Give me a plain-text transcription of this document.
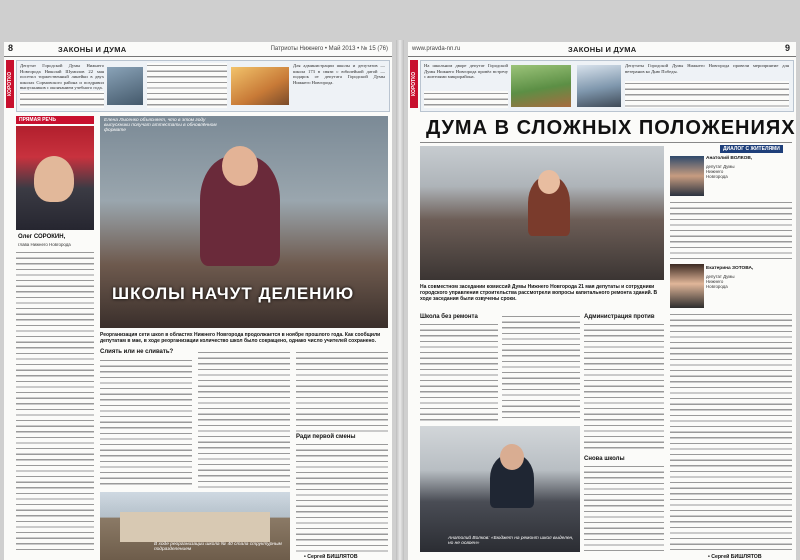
8	ЗАКОНЫ И ДУМА	Патриоты Нижнего • Май 2013 • № 15 (76)
КОРОТКО
Депутат Городской Думы Нижнего Новгорода Николай Шумилов 22 мая посетил торжественный линейки в двух школах Сормовского района и поздравил выпускников с окончанием учебного года.
Для администрации школы и депутатов — школа 173 в связи с юбилейной датой — подарок от депутата Городской Думы Нижнего Новгорода.
ПРЯМАЯ РЕЧЬ
Олег СОРОКИН,
глава Нижнего Новгорода
Елена Лысенко объясняет, что в этом году выпускники получат аттестаты в обновлённом формате
ШКОЛЫ НАЧУТ ДЕЛЕНИЮ
Реорганизация сети школ в областях Нижнего Новгорода продолжается в ноябре прошлого года. Как сообщили депутатам в мае, в ходе реорганизации количество школ было сокращено, однако число учителей сохранено.
Слиять или не сливать?
Ради первой смены
В ходе реорганизации школа № 40 стала структурным подразделением
• Сергей БИШЛЯТОВ
www.pravda-nn.ru	ЗАКОНЫ И ДУМА	9
КОРОТКО
На школьном дворе депутат Городской Думы Нижнего Новгорода провёл встречу с жителями микрорайона.
Депутаты Городской Думы Нижнего Новгорода провели мероприятие для ветеранов ко Дню Победы.
ДУМА В СЛОЖНЫХ ПОЛОЖЕНИЯХ
ДИАЛОГ С ЖИТЕЛЯМИ
Анатолий ВОЛКОВ,
депутат Думы Нижнего Новгорода
Екатерина ЗОТОВА,
депутат Думы Нижнего Новгорода
На совместном заседании комиссий Думы Нижнего Новгорода 21 мая депутаты и сотрудники городского управления строительства рассмотрели вопросы капитального ремонта зданий. В ходе заседания были озвучены сроки.
Школа без ремонта	Администрация против
Снова школы
Анатолий Волков: «Бюджет на ремонт школ выделен, но не освоен»
• Сергей БИШЛЯТОВ
